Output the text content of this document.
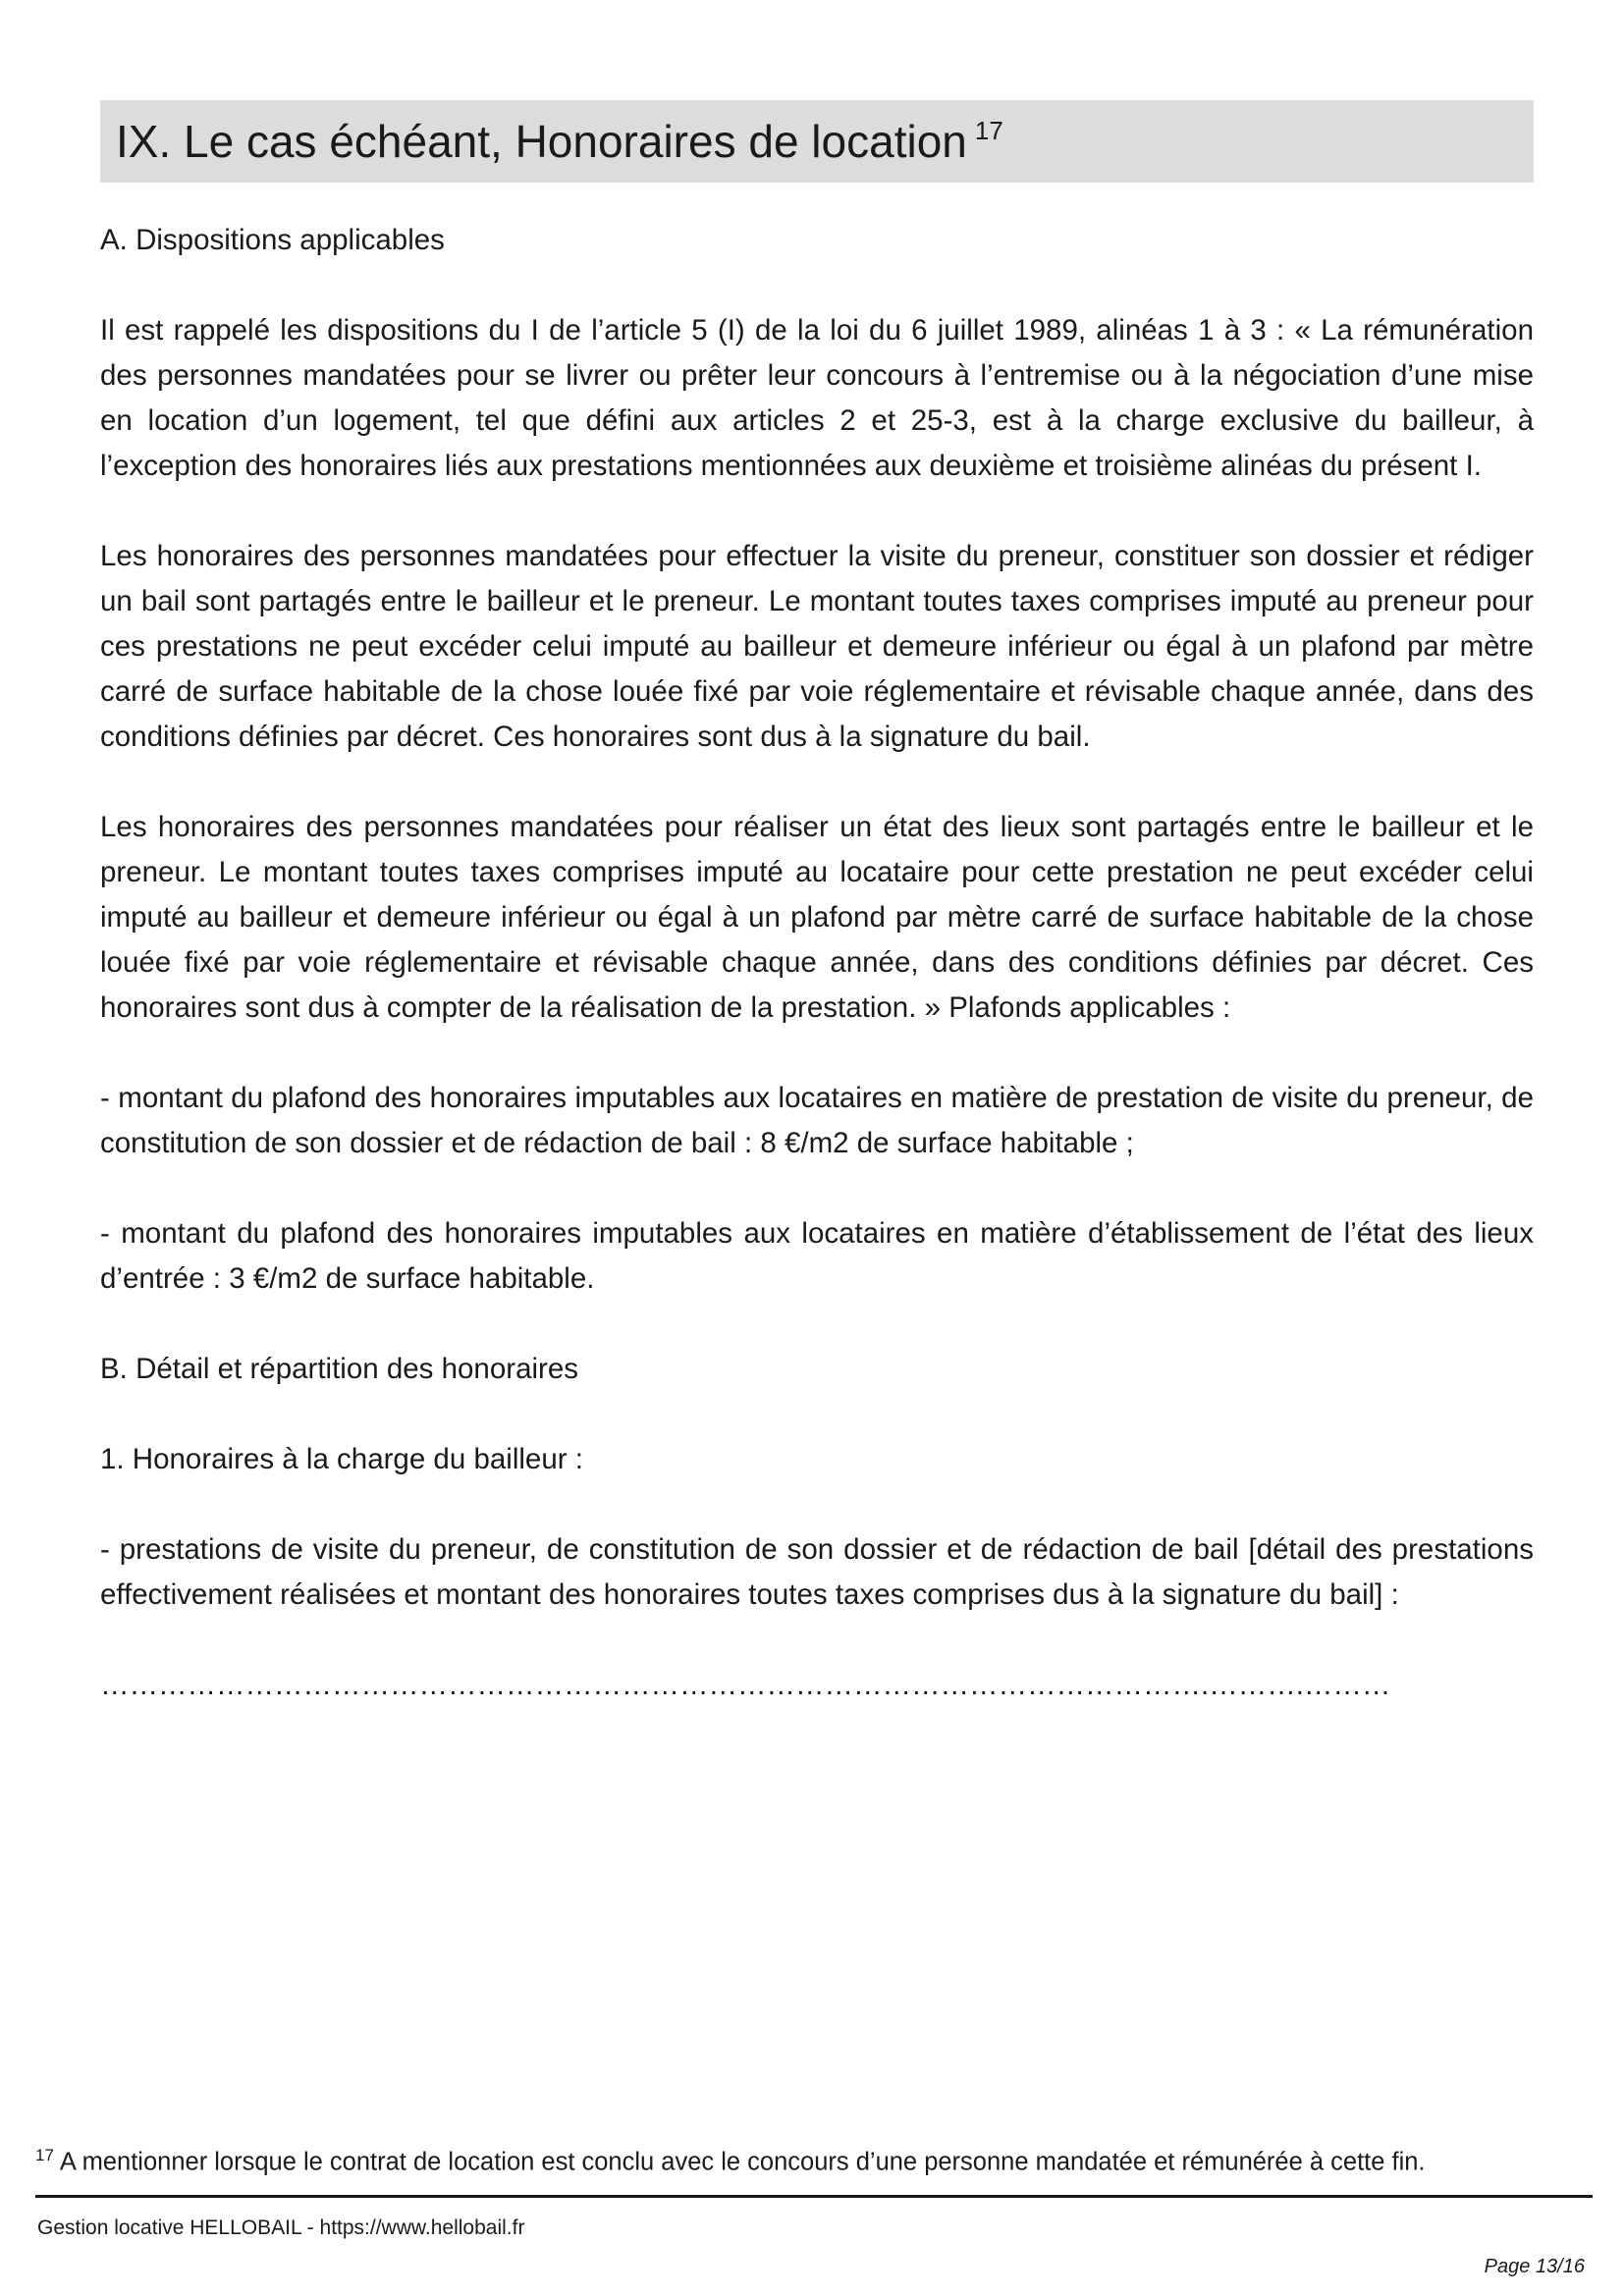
IX. Le cas échéant, Honoraires de location $^{17}$

A. Dispositions applicables

Il est rappelé les dispositions du I de l’article 5 (I) de la loi du 6 juillet 1989, alinéas 1 à 3 : « La rémunération des personnes mandatées pour se livrer ou prêter leur concours à l’entremise ou à la négociation d’une mise en location d’un logement, tel que défini aux articles 2 et 25-3, est à la charge exclusive du bailleur, à l’exception des honoraires liés aux prestations mentionnées aux deuxième et troisième alinéas du présent I.

Les honoraires des personnes mandatées pour effectuer la visite du preneur, constituer son dossier et rédiger un bail sont partagés entre le bailleur et le preneur. Le montant toutes taxes comprises imputé au preneur pour ces prestations ne peut excéder celui imputé au bailleur et demeure inférieur ou égal à un plafond par mètre carré de surface habitable de la chose louée fixé par voie réglementaire et révisable chaque année, dans des conditions définies par décret. Ces honoraires sont dus à la signature du bail.

Les honoraires des personnes mandatées pour réaliser un état des lieux sont partagés entre le bailleur et le preneur. Le montant toutes taxes comprises imputé au locataire pour cette prestation ne peut excéder celui imputé au bailleur et demeure inférieur ou égal à un plafond par mètre carré de surface habitable de la chose louée fixé par voie réglementaire et révisable chaque année, dans des conditions définies par décret. Ces honoraires sont dus à compter de la réalisation de la prestation. » Plafonds applicables :

- montant du plafond des honoraires imputables aux locataires en matière de prestation de visite du preneur, de constitution de son dossier et de rédaction de bail : 8 €/m2 de surface habitable ;

- montant du plafond des honoraires imputables aux locataires en matière d’établissement de l’état des lieux d’entrée : 3 €/m2 de surface habitable.

B. Détail et répartition des honoraires

1. Honoraires à la charge du bailleur :

- prestations de visite du preneur, de constitution de son dossier et de rédaction de bail [détail des prestations effectivement réalisées et montant des honoraires toutes taxes comprises dus à la signature du bail] :

…………………………………………………………………………………………………….……….………

$^{17}$ A mentionner lorsque le contrat de location est conclu avec le concours d’une personne mandatée et rémunérée à cette fin.
Gestion locative HELLOBAIL - https://www.hellobail.fr
Page 13/16
